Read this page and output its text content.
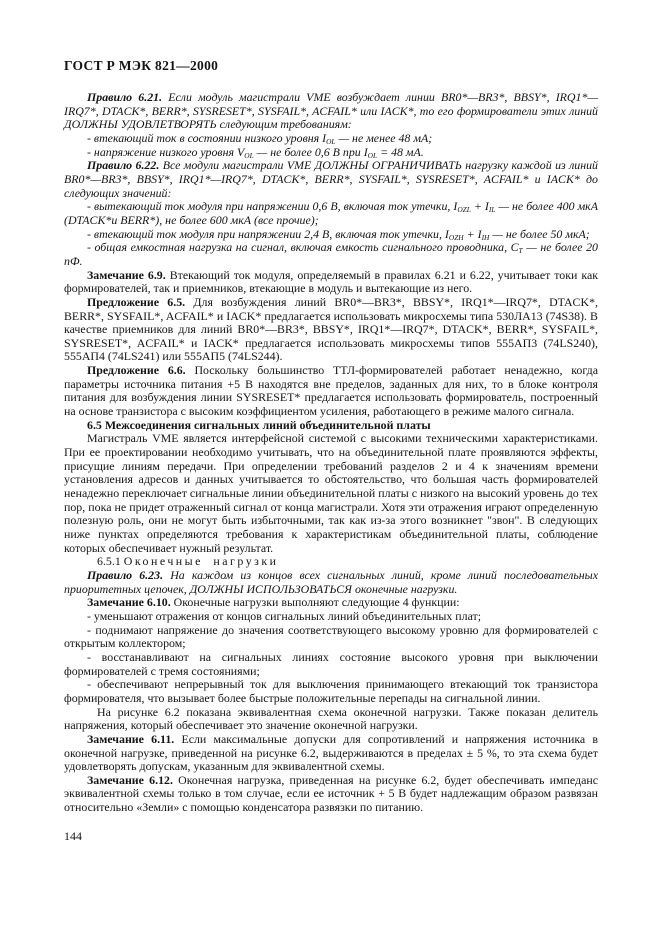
ГОСТ Р МЭК 821—2000

Правило 6.21. Если модуль магистрали VME возбуждает линии BR0*—BR3*, BBSY*, IRQ1*—IRQ7*, DTACK*, BERR*, SYSRESET*, SYSFAIL*, ACFAIL* или IACK*, то его формирователи этих линий ДОЛЖНЫ УДОВЛЕТВОРЯТЬ следующим требованиям:

- втекающий ток в состоянии низкого уровня $I_{OL}$ — не менее 48 мА;

- напряжение низкого уровня $V_{OL}$ — не более 0,6 В при $I_{OL} = 48$ мА.

Правило 6.22. Все модули магистрали VME ДОЛЖНЫ ОГРАНИЧИВАТЬ нагрузку каждой из линий BR0*—BR3*, BBSY*, IRQ1*—IRQ7*, DTACK*, BERR*, SYSFAIL*, SYSRESET*, ACFAIL* и IACK* до следующих значений:

- вытекающий ток модуля при напряжении 0,6 В, включая ток утечки, $I_{OZL} + I_{IL}$ — не более 400 мкА (DTACK*и BERR*), не более 600 мкА (все прочие);

- втекающий ток модуля при напряжении 2,4 В, включая ток утечки, $I_{OZH} + I_{IH}$ — не более 50 мкА;

- общая емкостная нагрузка на сигнал, включая емкость сигнального проводника, $С_Т$ — не более 20 пФ.

Замечание 6.9. Втекающий ток модуля, определяемый в правилах 6.21 и 6.22, учитывает токи как формирователей, так и приемников, втекающие в модуль и вытекающие из него.

Предложение 6.5. Для возбуждения линий BR0*—BR3*, BBSY*, IRQ1*—IRQ7*, DTACK*, BERR*, SYSFAIL*, ACFAIL* и IACK* предлагается использовать микросхемы типа 530ЛА13 (74S38). В качестве приемников для линий BR0*—BR3*, BBSY*, IRQ1*—IRQ7*, DTACK*, BERR*, SYSFAIL*, SYSRESET*, ACFAIL* и IACK* предлагается использовать микросхемы типов 555АП3 (74LS240), 555АП4 (74LS241) или 555АП5 (74LS244).

Предложение 6.6. Поскольку большинство ТТЛ-формирователей работает ненадежно, когда параметры источника питания +5 В находятся вне пределов, заданных для них, то в блоке контроля питания для возбуждения линии SYSRESET* предлагается использовать формирователь, построенный на основе транзистора с высоким коэффициентом усиления, работающего в режиме малого сигнала.

6.5 Межсоединения сигнальных линий объединительной платы

Магистраль VME является интерфейсной системой с высокими техническими характеристиками. При ее проектировании необходимо учитывать, что на объединительной плате проявляются эффекты, присущие линиям передачи. При определении требований разделов 2 и 4 к значениям времени установления адресов и данных учитывается то обстоятельство, что большая часть формирователей ненадежно переключает сигнальные линии объединительной платы с низкого на высокий уровень до тех пор, пока не придет отраженный сигнал от конца магистрали. Хотя эти отражения играют определенную полезную роль, они не могут быть избыточными, так как из-за этого возникнет "звон". В следующих ниже пунктах определяются требования к характеристикам объединительной платы, соблюдение которых обеспечивает нужный результат.

6.5.1 Оконечные нагрузки

Правило 6.23. На каждом из концов всех сигнальных линий, кроме линий последовательных приоритетных цепочек, ДОЛЖНЫ ИСПОЛЬЗОВАТЬСЯ оконечные нагрузки.

Замечание 6.10. Оконечные нагрузки выполняют следующие 4 функции:

- уменьшают отражения от концов сигнальных линий объединительных плат;

- поднимают напряжение до значения соответствующего высокому уровню для формирователей с открытым коллектором;

- восстанавливают на сигнальных линиях состояние высокого уровня при выключении формирователей с тремя состояниями;

- обеспечивают непрерывный ток для выключения принимающего втекающий ток транзистора формирователя, что вызывает более быстрые положительные перепады на сигнальной линии.

На рисунке 6.2 показана эквивалентная схема оконечной нагрузки. Также показан делитель напряжения, который обеспечивает это значение оконечной нагрузки.

Замечание 6.11. Если максимальные допуски для сопротивлений и напряжения источника в оконечной нагрузке, приведенной на рисунке 6.2, выдерживаются в пределах ± 5 %, то эта схема будет удовлетворять допускам, указанным для эквивалентной схемы.

Замечание 6.12. Оконечная нагрузка, приведенная на рисунке 6.2, будет обеспечивать импеданс эквивалентной схемы только в том случае, если ее источник + 5 В будет надлежащим образом развязан относительно «Земли» с помощью конденсатора развязки по питанию.

144
